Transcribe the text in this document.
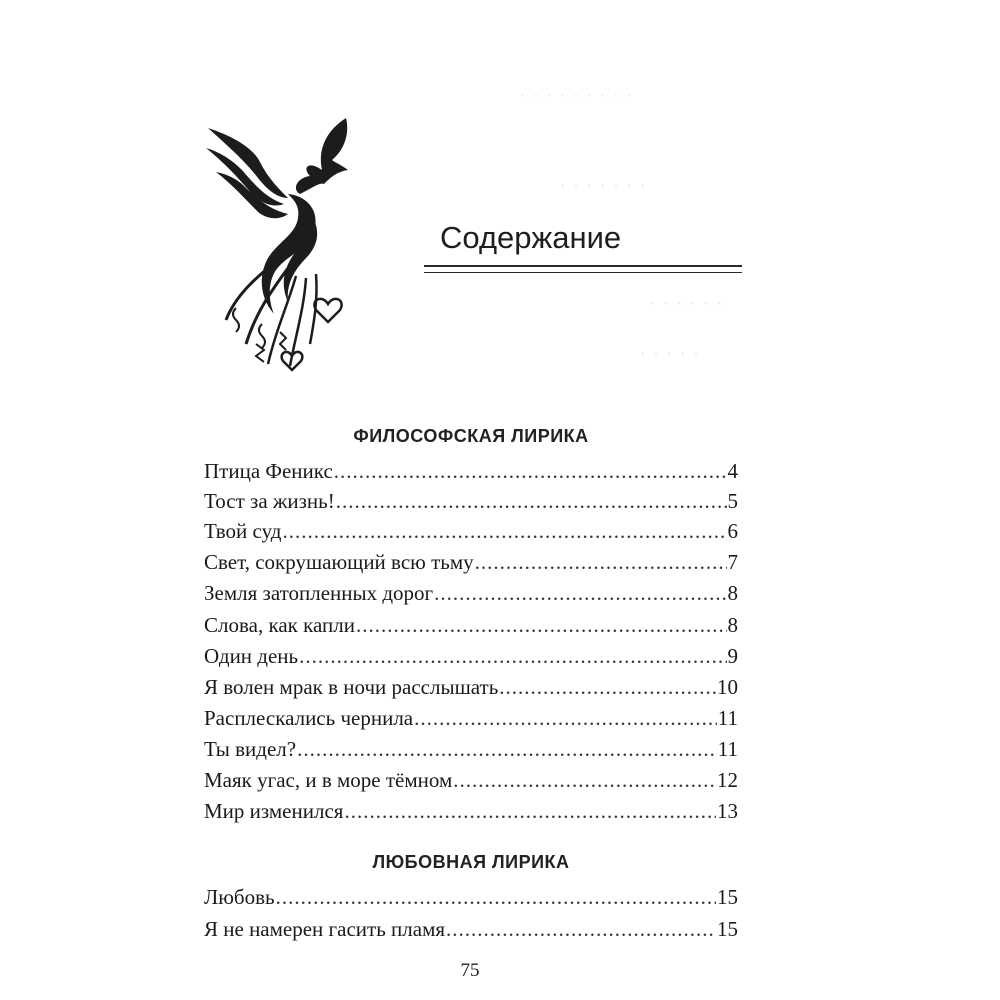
· · · · · · · · ·
· · · · · · ·
· · · · · ·
· · · · ·
Содержание
ФИЛОСОФСКАЯ ЛИРИКА
Птица Феникс .....	4
Тост за жизнь! .....	5
Твой суд .....	6
Свет, сокрушающий всю тьму .....	7
Земля затопленных дорог .....	8
Слова, как капли .....	8
Один день .....	9
Я волен мрак в ночи расслышать .....	10
Расплескались чернила .....	11
Ты видел? .....	11
Маяк угас, и в море тёмном .....	12
Мир изменился .....	13
ЛЮБОВНАЯ ЛИРИКА
Любовь .....	15
Я не намерен гасить пламя .....	15
75
